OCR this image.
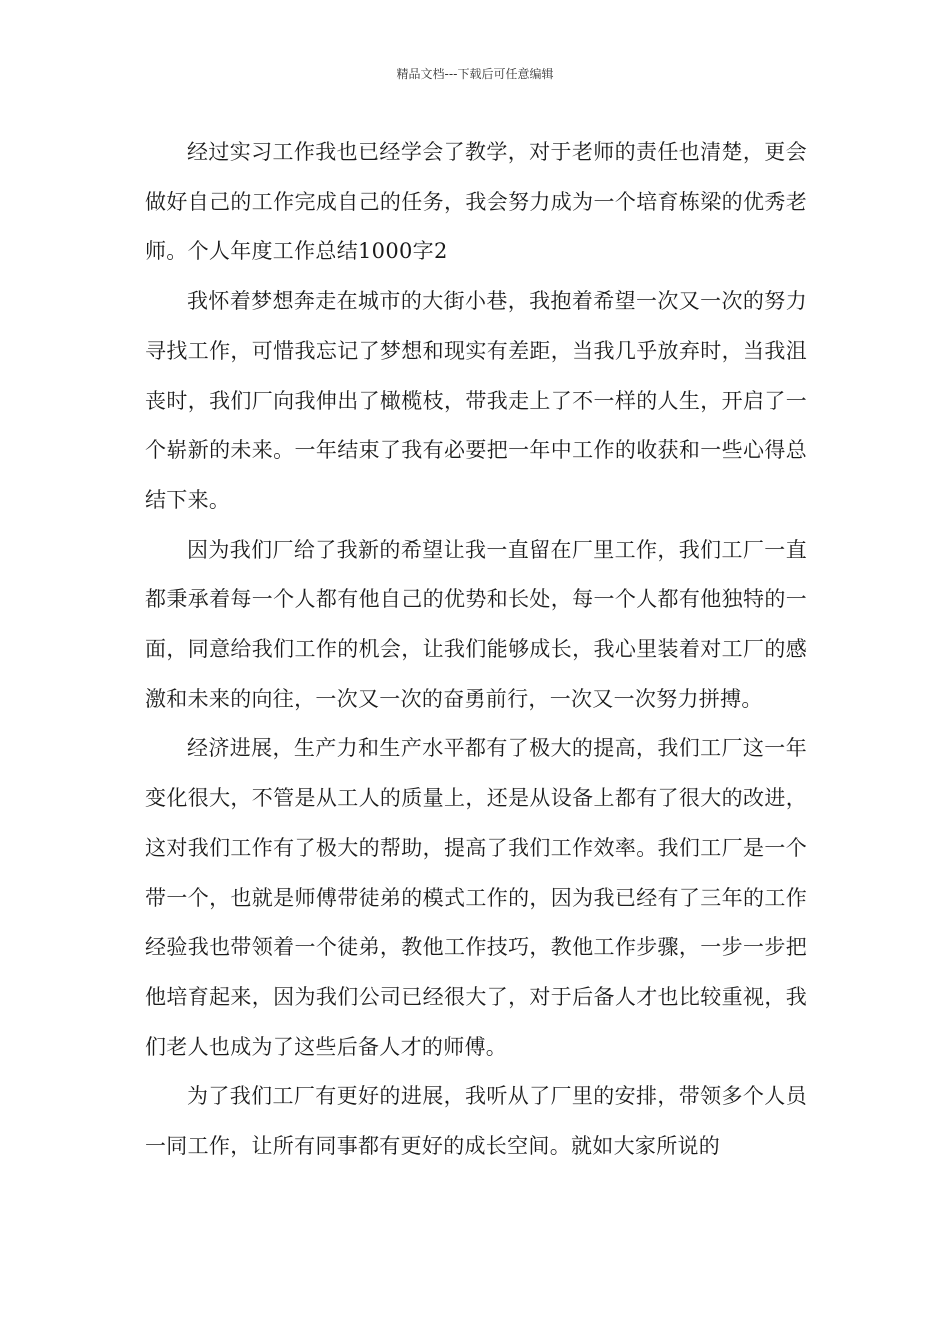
精品文档---下载后可任意编辑

经过实习工作我也已经学会了教学，对于老师的责任也清楚，更会做好自己的工作完成自己的任务，我会努力成为一个培育栋梁的优秀老师。个人年度工作总结1000字2

我怀着梦想奔走在城市的大街小巷，我抱着希望一次又一次的努力寻找工作，可惜我忘记了梦想和现实有差距，当我几乎放弃时，当我沮丧时，我们厂向我伸出了橄榄枝，带我走上了不一样的人生，开启了一个崭新的未来。一年结束了我有必要把一年中工作的收获和一些心得总结下来。

因为我们厂给了我新的希望让我一直留在厂里工作，我们工厂一直都秉承着每一个人都有他自己的优势和长处，每一个人都有他独特的一面，同意给我们工作的机会，让我们能够成长，我心里装着对工厂的感激和未来的向往，一次又一次的奋勇前行，一次又一次努力拼搏。

经济进展，生产力和生产水平都有了极大的提高，我们工厂这一年变化很大，不管是从工人的质量上，还是从设备上都有了很大的改进，这对我们工作有了极大的帮助，提高了我们工作效率。我们工厂是一个带一个，也就是师傅带徒弟的模式工作的，因为我已经有了三年的工作经验我也带领着一个徒弟，教他工作技巧，教他工作步骤，一步一步把他培育起来，因为我们公司已经很大了，对于后备人才也比较重视，我们老人也成为了这些后备人才的师傅。

为了我们工厂有更好的进展，我听从了厂里的安排，带领多个人员一同工作，让所有同事都有更好的成长空间。就如大家所说的
